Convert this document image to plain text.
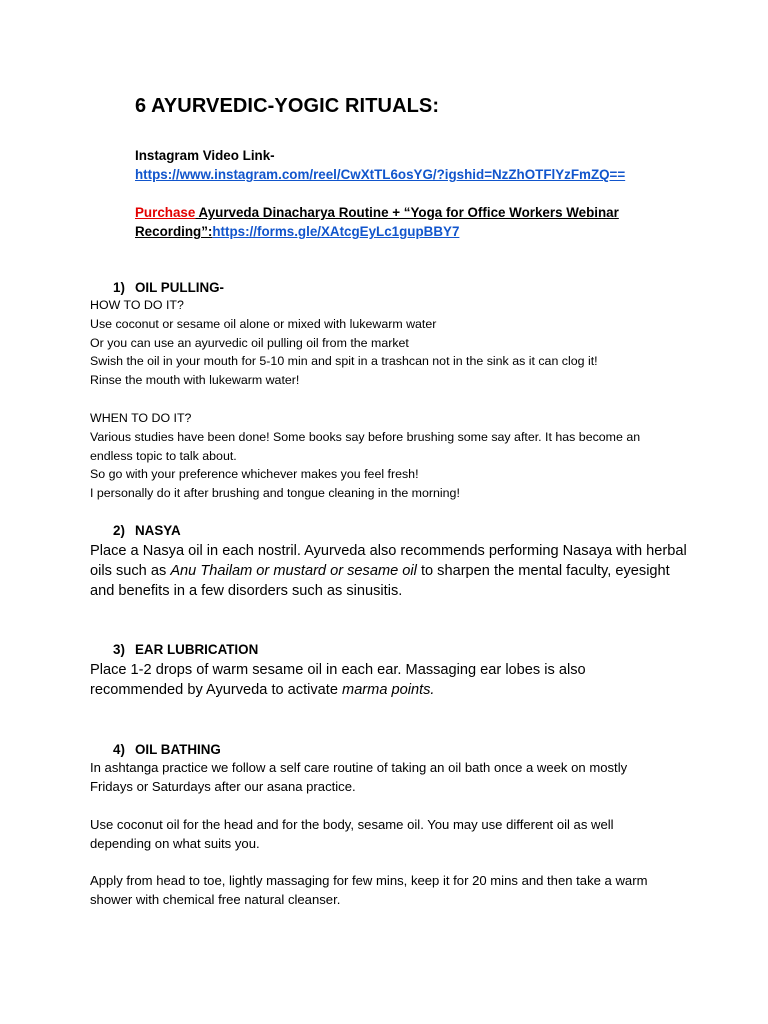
6 AYURVEDIC-YOGIC RITUALS:
Instagram Video Link-
https://www.instagram.com/reel/CwXtTL6osYG/?igshid=NzZhOTFlYzFmZQ==
Purchase Ayurveda Dinacharya Routine + “Yoga for Office Workers Webinar
Recording”:https://forms.gle/XAtcgEyLc1gupBBY7
1) OIL PULLING-

HOW TO DO IT?

Use coconut or sesame oil alone or mixed with lukewarm water

Or you can use an ayurvedic oil pulling oil from the market

Swish the oil in your mouth for 5-10 min and spit in a trashcan not in the sink as it can clog it!

Rinse the mouth with lukewarm water!

WHEN TO DO IT?

Various studies have been done! Some books say before brushing some say after. It has become an

endless topic to talk about.

So go with your preference whichever makes you feel fresh!

I personally do it after brushing and tongue cleaning in the morning!

2) NASYA

Place a Nasya oil in each nostril. Ayurveda also recommends performing Nasaya with herbal oils such as Anu Thailam or mustard or sesame oil to sharpen the mental faculty, eyesight and benefits in a few disorders such as sinusitis.

3) EAR LUBRICATION

Place 1-2 drops of warm sesame oil in each ear. Massaging ear lobes is also recommended by Ayurveda to activate marma points.

4) OIL BATHING

In ashtanga practice we follow a self care routine of taking an oil bath once a week on mostly Fridays or Saturdays after our asana practice.

Use coconut oil for the head and for the body, sesame oil. You may use different oil as well depending on what suits you.

Apply from head to toe, lightly massaging for few mins, keep it for 20 mins and then take a warm shower with chemical free natural cleanser.
